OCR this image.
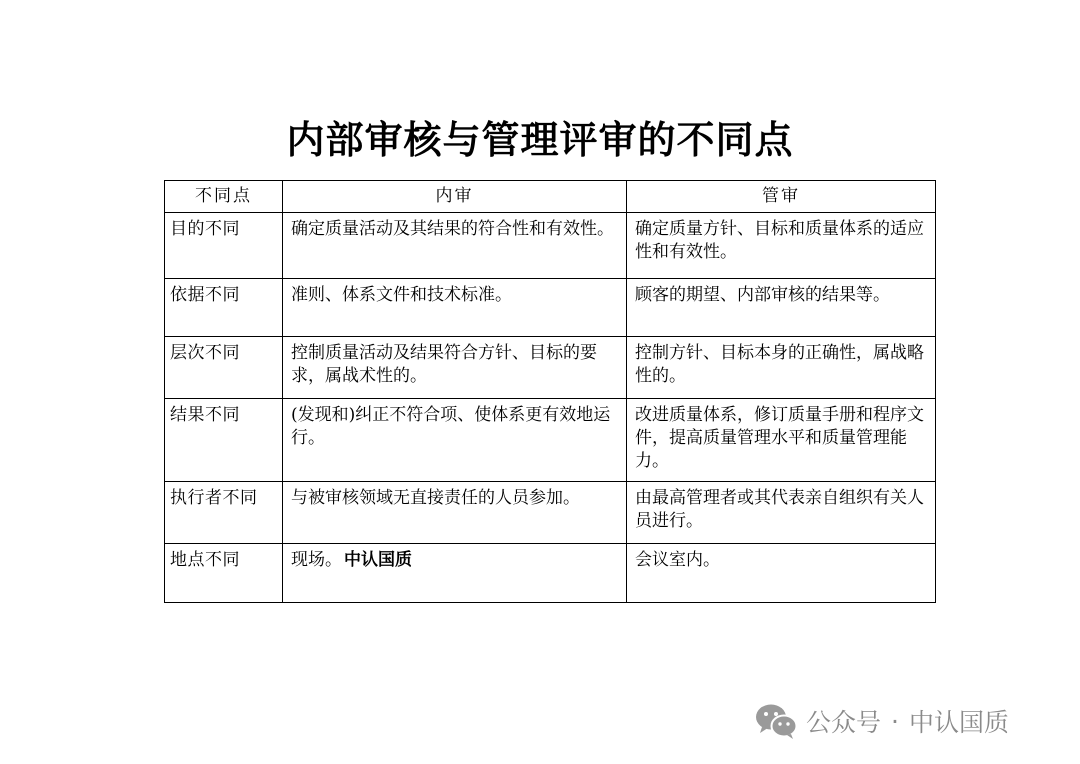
内部审核与管理评审的不同点
不同点	内审	管审
目的不同	确定质量活动及其结果的符合性和有效性。	确定质量方针、目标和质量体系的适应性和有效性。
依据不同	准则、体系文件和技术标准。	顾客的期望、内部审核的结果等。
层次不同	控制质量活动及结果符合方针、目标的要求，属战术性的。	控制方针、目标本身的正确性，属战略性的。
结果不同	(发现和)纠正不符合项、使体系更有效地运行。	改进质量体系，修订质量手册和程序文件，提高质量管理水平和质量管理能力。
执行者不同	与被审核领域无直接责任的人员参加。	由最高管理者或其代表亲自组织有关人员进行。
地点不同	现场。 中认国质	会议室内。
公众号 · 中认国质
